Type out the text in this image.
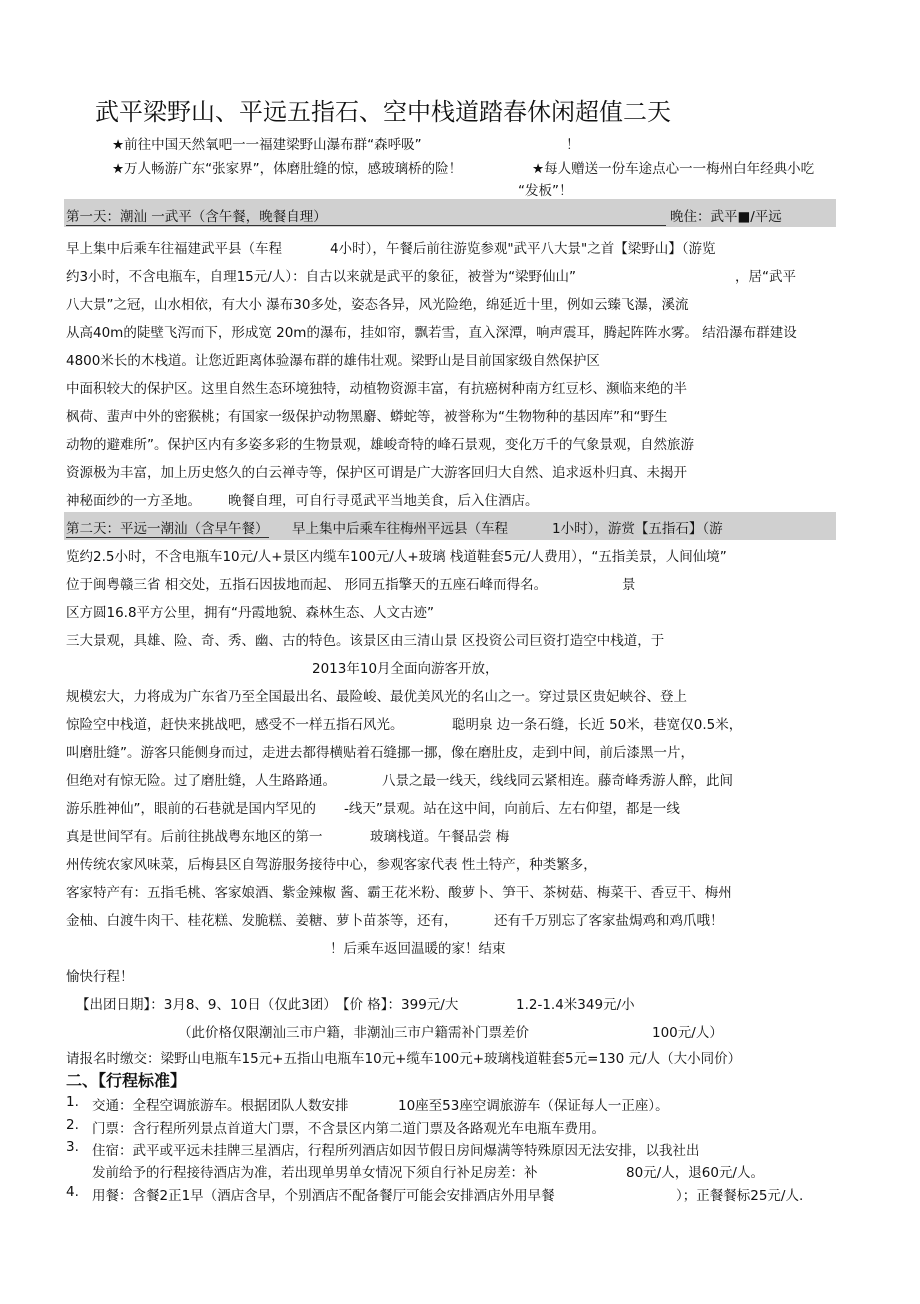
武平梁野山、平远五指石、空中栈道踏春休闲超值二天
★前往中国天然氧吧一一福建梁野山瀑布群“森呼吸”	！
★万人畅游广东“张家界”，体磨肚缝的惊，感玻璃桥的险！	★每人赠送一份车途点心一一梅州白年经典小吃
“发板”！
第一天：潮汕 一武平（含午餐，晚餐自理）	晚住：武平■/平远
早上集中后乘车往福建武平县（车程	4小时），午餐后前往游览参观"武平八大景"之首【梁野山】（游览
约3小时，不含电瓶车，自理15元/人）：自古以来就是武平的象征，被誉为“梁野仙山”	，居“武平
八大景”之冠，山水相依，有大小 瀑布30多处，姿态各异，风光险绝，绵延近十里，例如云臻飞瀑，溪流
从高40m的陡壁飞泻而下，形成宽 20m的瀑布，挂如帘，飘若雪，直入深潭，响声震耳，腾起阵阵水雾。 结沿瀑布群建设
4800米长的木栈道。让您近距离体验瀑布群的雄伟壮观。梁野山是目前国家级自然保护区
中面积较大的保护区。这里自然生态环境独特，动植物资源丰富，有抗癌树种南方红豆杉、濒临来绝的半
枫荷、蜚声中外的密猴桃；有国家一级保护动物黑麝、蟒蛇等，被誉称为“生物物种的基因库”和“野生
动物的避难所”。保护区内有多姿多彩的生物景观，雄峻奇特的峰石景观，变化万千的气象景观，自然旅游
资源极为丰富，加上历史悠久的白云禅寺等，保护区可谓是广大游客回归大自然、追求返朴归真、未揭开
神秘面纱的一方圣地。 晚餐自理，可自行寻觅武平当地美食，后入住酒店。
第二天：平远一潮汕（含早午餐） 早上集中后乘车往梅州平远县（车程	1小时），游赏【五指石】（游
览约2.5小时，不含电瓶车10元/人+景区内缆车100元/人+玻璃 栈道鞋套5元/人费用），“五指美景，人间仙境”
位于闽粤赣三省 相交处，五指石因拔地而起、 形同五指擎天的五座石峰而得名。	景
区方圆16.8平方公里，拥有“丹霞地貌、森林生态、人文古迹”
三大景观，具雄、险、奇、秀、幽、古的特色。该景区由三清山景 区投资公司巨资打造空中栈道，于
2013年10月全面向游客开放，
规模宏大，力将成为广东省乃至全国最出名、最险峻、最优美风光的名山之一。穿过景区贵妃峡谷、登上
惊险空中栈道，赶快来挑战吧，感受不一样五指石风光。	聪明泉 边一条石缝，长近 50米，巷宽仅0.5米，
叫磨肚缝”。游客只能侧身而过，走进去都得横贴着石缝挪一挪，像在磨肚皮，走到中间，前后漆黑一片，
但绝对有惊无险。过了磨肚缝，人生路路通。	八景之最一线天，线线同云紧相连。藤奇峰秀游人醉，此间
游乐胜神仙”，眼前的石巷就是国内罕见的 -线天”景观。站在这中间，向前后、左右仰望，都是一线
真是世间罕有。后前往挑战粤东地区的第一	玻璃栈道。午餐品尝 梅
州传统农家风味菜，后梅县区自驾游服务接待中心，参观客家代表 性土特产，种类繁多，
客家特产有：五指毛桃、客家娘酒、紫金辣椒 酱、霸王花米粉、酸萝卜、笋干、茶树菇、梅菜干、香豆干、梅州
金柚、白渡牛肉干、桂花糕、发脆糕、姜糖、萝卜苗茶等，还有，	还有千万别忘了客家盐焗鸡和鸡爪哦！
！后乘车返回温暖的家！结束
愉快行程！
【出团日期】：3月8、9、10日（仅此3团） 【价 格】：399元/大	1.2-1.4米349元/小
（此价格仅限潮汕三市户籍，非潮汕三市户籍需补门票差价	100元/人）
请报名时缴交：梁野山电瓶车15元+五指山电瓶车10元+缆车100元+玻璃栈道鞋套5元=130 元/人（大小同价）
二、【行程标准】
1. 交通：全程空调旅游车。根据团队人数安排	10座至53座空调旅游车（保证每人一正座）。
2. 门票：含行程所列景点首道大门票，不含景区内第二道门票及各路观光车电瓶车费用。
3. 住宿：武平或平远未挂牌三星酒店，行程所列酒店如因节假日房间爆满等特殊原因无法安排，以我社出
发前给予的行程接待酒店为准，若出现单男单女情况下须自行补足房差：补	80元/人，退60元/人。
4. 用餐：含餐2正1早（酒店含早，个别酒店不配备餐厅可能会安排酒店外用早餐	）；正餐餐标25元/人.
